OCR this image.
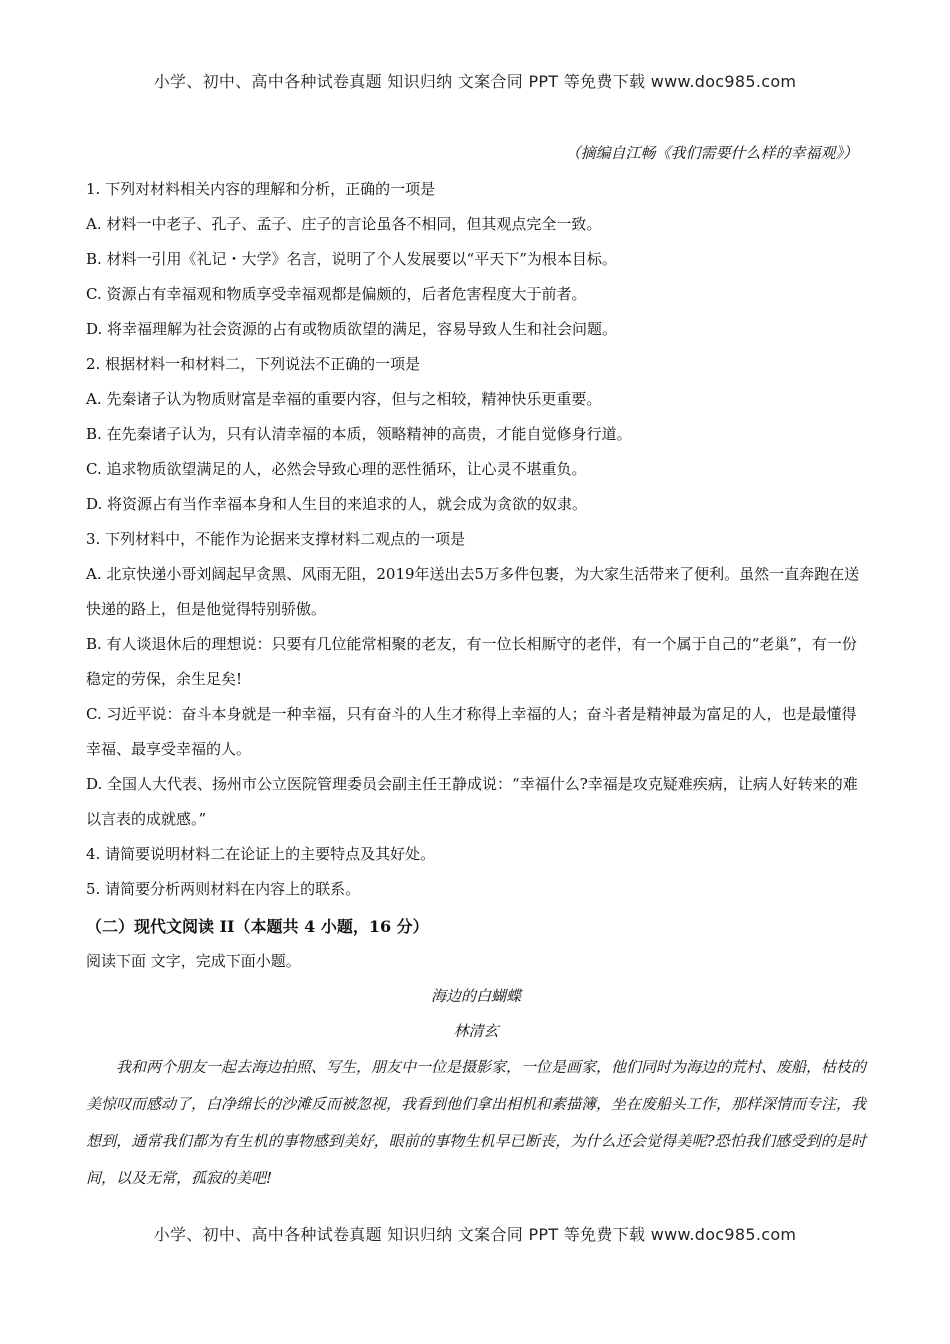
小学、初中、高中各种试卷真题 知识归纳 文案合同 PPT 等免费下载 www.doc985.com
（摘编自江畅《我们需要什么样的幸福观》）
1. 下列对材料相关内容的理解和分析，正确的一项是
A. 材料一中老子、孔子、孟子、庄子的言论虽各不相同，但其观点完全一致。
B. 材料一引用《礼记・大学》名言，说明了个人发展要以“平天下”为根本目标。
C. 资源占有幸福观和物质享受幸福观都是偏颇的，后者危害程度大于前者。
D. 将幸福理解为社会资源的占有或物质欲望的满足，容易导致人生和社会问题。
2. 根据材料一和材料二，下列说法不正确的一项是
A. 先秦诸子认为物质财富是幸福的重要内容，但与之相较，精神快乐更重要。
B. 在先秦诸子认为，只有认清幸福的本质，领略精神的高贵，才能自觉修身行道。
C. 追求物质欲望满足的人，必然会导致心理的恶性循环，让心灵不堪重负。
D. 将资源占有当作幸福本身和人生目的来追求的人，就会成为贪欲的奴隶。
3. 下列材料中，不能作为论据来支撑材料二观点的一项是
A. 北京快递小哥刘阔起早贪黑、风雨无阻，2019年送出去5万多件包裹，为大家生活带来了便利。虽然一直奔跑在送快递的路上，但是他觉得特别骄傲。
B. 有人谈退休后的理想说：只要有几位能常相聚的老友，有一位长相厮守的老伴，有一个属于自己的“老巢”，有一份稳定的劳保，余生足矣!
C. 习近平说：奋斗本身就是一种幸福，只有奋斗的人生才称得上幸福的人；奋斗者是精神最为富足的人，也是最懂得幸福、最享受幸福的人。
D. 全国人大代表、扬州市公立医院管理委员会副主任王静成说：“幸福什么?幸福是攻克疑难疾病，让病人好转来的难以言表的成就感。”
4. 请简要说明材料二在论证上的主要特点及其好处。
5. 请简要分析两则材料在内容上的联系。
（二）现代文阅读 II（本题共 4 小题，16 分）
阅读下面 文字，完成下面小题。
海边的白蝴蝶
林清玄
我和两个朋友一起去海边拍照、写生，朋友中一位是摄影家，一位是画家，他们同时为海边的荒村、废船，枯枝的美惊叹而感动了，白净绵长的沙滩反而被忽视，我看到他们拿出相机和素描簿，坐在废船头工作，那样深情而专注，我想到，通常我们都为有生机的事物感到美好，眼前的事物生机早已断丧，为什么还会觉得美呢?恐怕我们感受到的是时间，以及无常，孤寂的美吧!
小学、初中、高中各种试卷真题 知识归纳 文案合同 PPT 等免费下载 www.doc985.com
